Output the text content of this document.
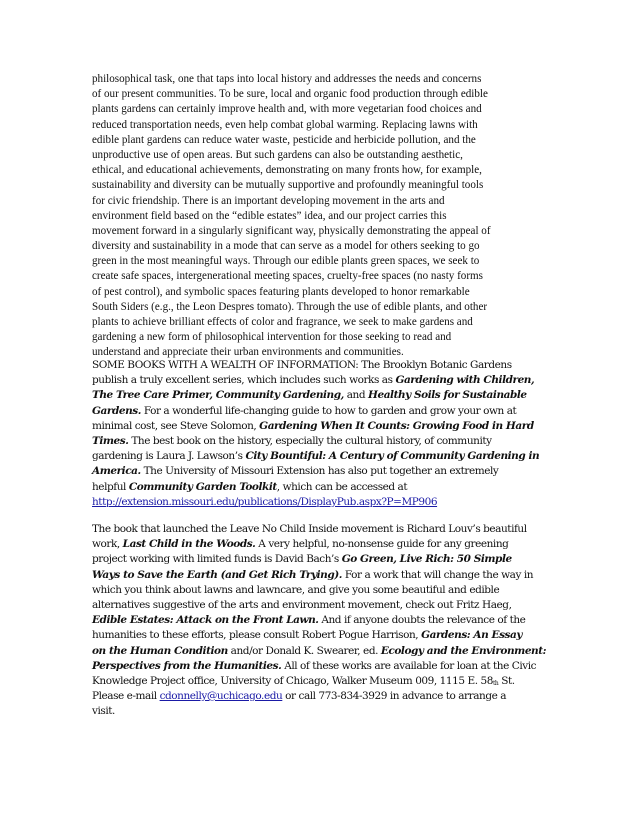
philosophical task, one that taps into local history and addresses the needs and concerns
of our present communities. To be sure, local and organic food production through edible
plants gardens can certainly improve health and, with more vegetarian food choices and
reduced transportation needs, even help combat global warming. Replacing lawns with
edible plant gardens can reduce water waste, pesticide and herbicide pollution, and the
unproductive use of open areas. But such gardens can also be outstanding aesthetic,
ethical, and educational achievements, demonstrating on many fronts how, for example,
sustainability and diversity can be mutually supportive and profoundly meaningful tools
for civic friendship. There is an important developing movement in the arts and
environment field based on the “edible estates” idea, and our project carries this
movement forward in a singularly significant way, physically demonstrating the appeal of
diversity and sustainability in a mode that can serve as a model for others seeking to go
green in the most meaningful ways. Through our edible plants green spaces, we seek to
create safe spaces, intergenerational meeting spaces, cruelty-free spaces (no nasty forms
of pest control), and symbolic spaces featuring plants developed to honor remarkable
South Siders (e.g., the Leon Despres tomato). Through the use of edible plants, and other
plants to achieve brilliant effects of color and fragrance, we seek to make gardens and
gardening a new form of philosophical intervention for those seeking to read and
understand and appreciate their urban environments and communities.
SOME BOOKS WITH A WEALTH OF INFORMATION: The Brooklyn Botanic Gardens
publish a truly excellent series, which includes such works as Gardening with Children,
The Tree Care Primer, Community Gardening, and Healthy Soils for Sustainable
Gardens. For a wonderful life-changing guide to how to garden and grow your own at
minimal cost, see Steve Solomon, Gardening When It Counts: Growing Food in Hard
Times. The best book on the history, especially the cultural history, of community
gardening is Laura J. Lawson’s City Bountiful: A Century of Community Gardening in
America. The University of Missouri Extension has also put together an extremely
helpful Community Garden Toolkit, which can be accessed at
http://extension.missouri.edu/publications/DisplayPub.aspx?P=MP906
The book that launched the Leave No Child Inside movement is Richard Louv’s beautiful
work, Last Child in the Woods. A very helpful, no-nonsense guide for any greening
project working with limited funds is David Bach’s Go Green, Live Rich: 50 Simple
Ways to Save the Earth (and Get Rich Trying). For a work that will change the way in
which you think about lawns and lawncare, and give you some beautiful and edible
alternatives suggestive of the arts and environment movement, check out Fritz Haeg,
Edible Estates: Attack on the Front Lawn. And if anyone doubts the relevance of the
humanities to these efforts, please consult Robert Pogue Harrison, Gardens: An Essay
on the Human Condition and/or Donald K. Swearer, ed. Ecology and the Environment:
Perspectives from the Humanities. All of these works are available for loan at the Civic
Knowledge Project office, University of Chicago, Walker Museum 009, 1115 E. $58_{th}$ St.
Please e-mail cdonnelly@uchicago.edu or call 773-834-3929 in advance to arrange a
visit.
